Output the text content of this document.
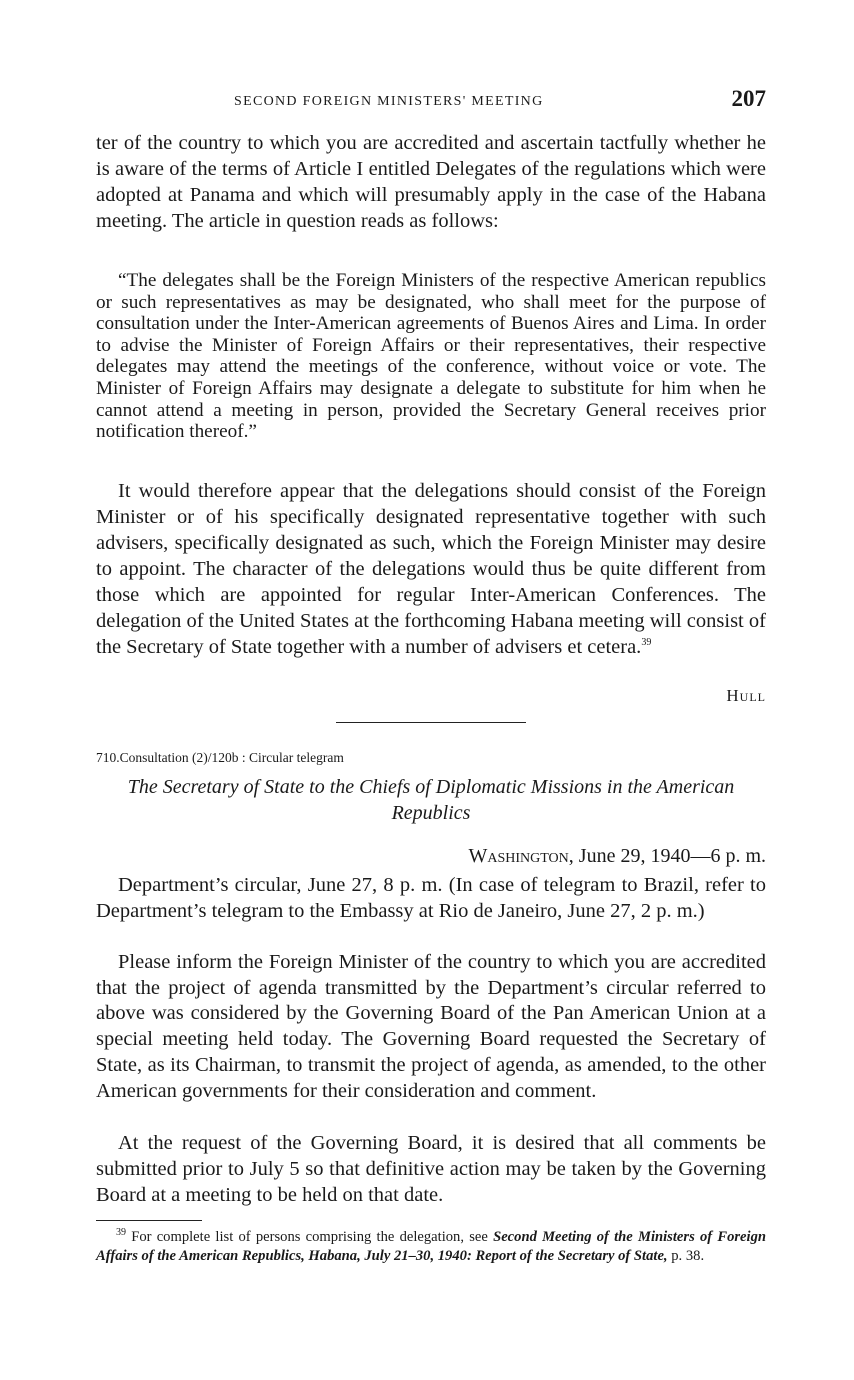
SECOND FOREIGN MINISTERS' MEETING	207

ter of the country to which you are accredited and ascertain tactfully whether he is aware of the terms of Article I entitled Delegates of the regulations which were adopted at Panama and which will presumably apply in the case of the Habana meeting. The article in question reads as follows:

“The delegates shall be the Foreign Ministers of the respective American republics or such representatives as may be designated, who shall meet for the purpose of consultation under the Inter-American agreements of Buenos Aires and Lima. In order to advise the Minister of Foreign Affairs or their representatives, their respective delegates may attend the meetings of the conference, without voice or vote. The Minister of Foreign Affairs may designate a delegate to substitute for him when he cannot attend a meeting in person, provided the Secretary General receives prior notification thereof.”

It would therefore appear that the delegations should consist of the Foreign Minister or of his specifically designated representative together with such advisers, specifically designated as such, which the Foreign Minister may desire to appoint. The character of the delegations would thus be quite different from those which are appointed for regular Inter-American Conferences. The delegation of the United States at the forthcoming Habana meeting will consist of the Secretary of State together with a number of advisers et cetera.$^{39}$

Hull
710.Consultation (2)/120b : Circular telegram

The Secretary of State to the Chiefs of Diplomatic Missions in the American Republics

Washington, June 29, 1940—6 p. m.

Department’s circular, June 27, 8 p. m. (In case of telegram to Brazil, refer to Department’s telegram to the Embassy at Rio de Janeiro, June 27, 2 p. m.)

Please inform the Foreign Minister of the country to which you are accredited that the project of agenda transmitted by the Department’s circular referred to above was considered by the Governing Board of the Pan American Union at a special meeting held today. The Governing Board requested the Secretary of State, as its Chairman, to transmit the project of agenda, as amended, to the other American governments for their consideration and comment.

At the request of the Governing Board, it is desired that all comments be submitted prior to July 5 so that definitive action may be taken by the Governing Board at a meeting to be held on that date.

$^{39}$ For complete list of persons comprising the delegation, see Second Meeting of the Ministers of Foreign Affairs of the American Republics, Habana, July 21–30, 1940: Report of the Secretary of State, p. 38.
